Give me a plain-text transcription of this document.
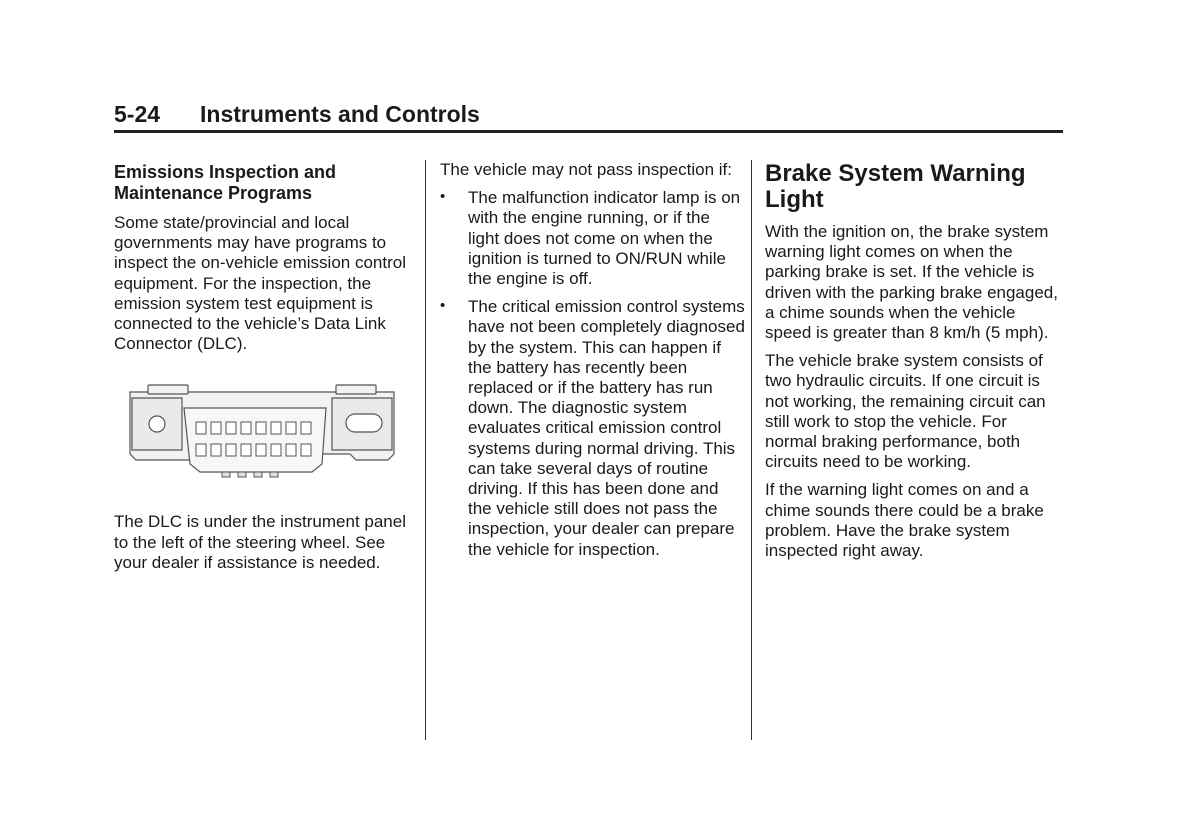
5-24 Instruments and Controls
Emissions Inspection and Maintenance Programs

Some state/provincial and local governments may have programs to inspect the on-vehicle emission control equipment. For the inspection, the emission system test equipment is connected to the vehicle’s Data Link Connector (DLC).

The DLC is under the instrument panel to the left of the steering wheel. See your dealer if assistance is needed.

The vehicle may not pass inspection if:

• The malfunction indicator lamp is on with the engine running, or if the light does not come on when the ignition is turned to ON/RUN while the engine is off.
• The critical emission control systems have not been completely diagnosed by the system. This can happen if the battery has recently been replaced or if the battery has run down. The diagnostic system evaluates critical emission control systems during normal driving. This can take several days of routine driving. If this has been done and the vehicle still does not pass the inspection, your dealer can prepare the vehicle for inspection.
Brake System Warning Light

With the ignition on, the brake system warning light comes on when the parking brake is set. If the vehicle is driven with the parking brake engaged, a chime sounds when the vehicle speed is greater than 8 km/h (5 mph).

The vehicle brake system consists of two hydraulic circuits. If one circuit is not working, the remaining circuit can still work to stop the vehicle. For normal braking performance, both circuits need to be working.

If the warning light comes on and a chime sounds there could be a brake problem. Have the brake system inspected right away.
